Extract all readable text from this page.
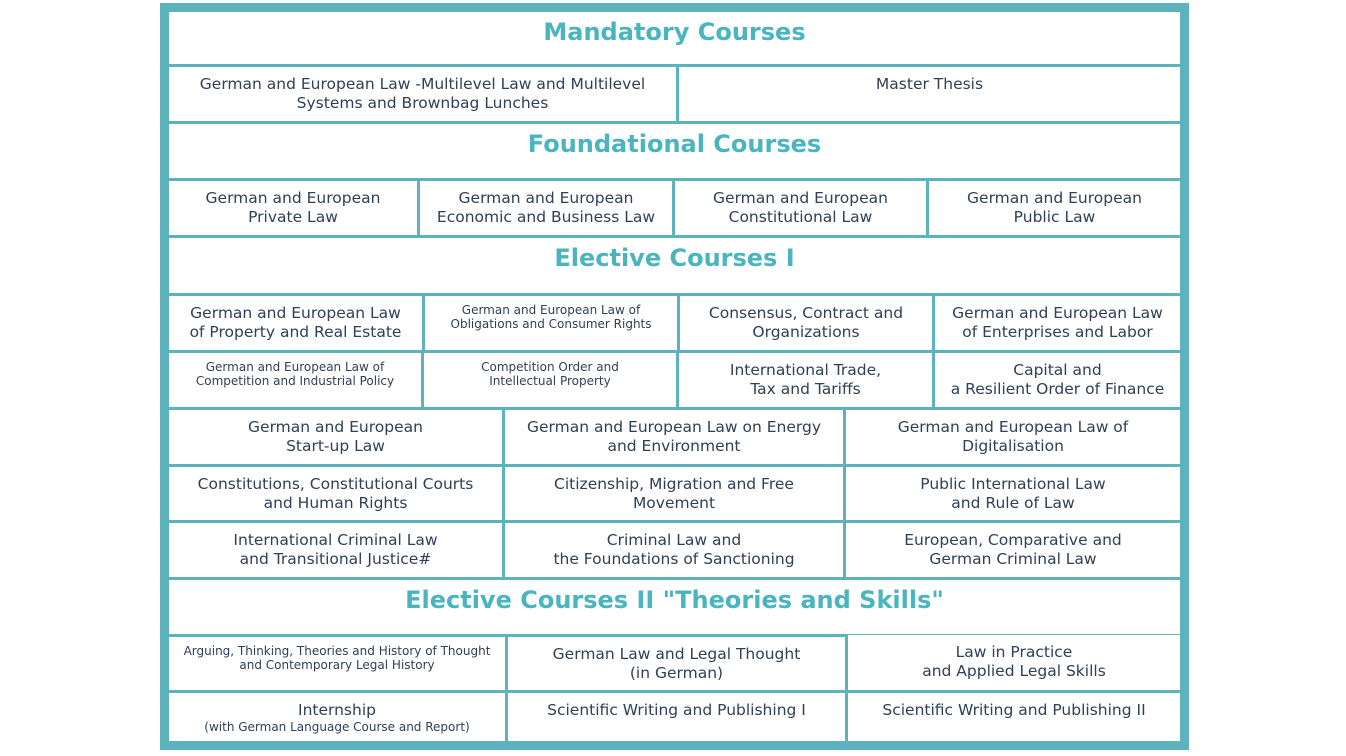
Mandatory Courses
German and European Law -Multilevel Law and Multilevel
Systems and Brownbag Lunches
Master Thesis
Foundational Courses
German and European
Private Law
German and European
Economic and Business Law
German and European
Constitutional Law
German and European
Public Law
Elective Courses I
German and European Law
of Property and Real Estate
German and European Law of
Obligations and Consumer Rights
Consensus, Contract and
Organizations
German and European Law
of Enterprises and Labor
German and European Law of
Competition and Industrial Policy
Competition Order and
Intellectual Property
International Trade,
Tax and Tariffs
Capital and
a Resilient Order of Finance
German and European
Start-up Law
German and European Law on Energy
and Environment
German and European Law of
Digitalisation
Constitutions, Constitutional Courts
and Human Rights
Citizenship, Migration and Free
Movement
Public International Law
and Rule of Law
International Criminal Law
and Transitional Justice#
Criminal Law and
the Foundations of Sanctioning
European, Comparative and
German Criminal Law
Elective Courses II "Theories and Skills"
Arguing, Thinking, Theories and History of Thought
and Contemporary Legal History
German Law and Legal Thought
(in German)
Law in Practice
and Applied Legal Skills
Internship
(with German Language Course and Report)
Scientific Writing and Publishing I	Scientific Writing and Publishing II
